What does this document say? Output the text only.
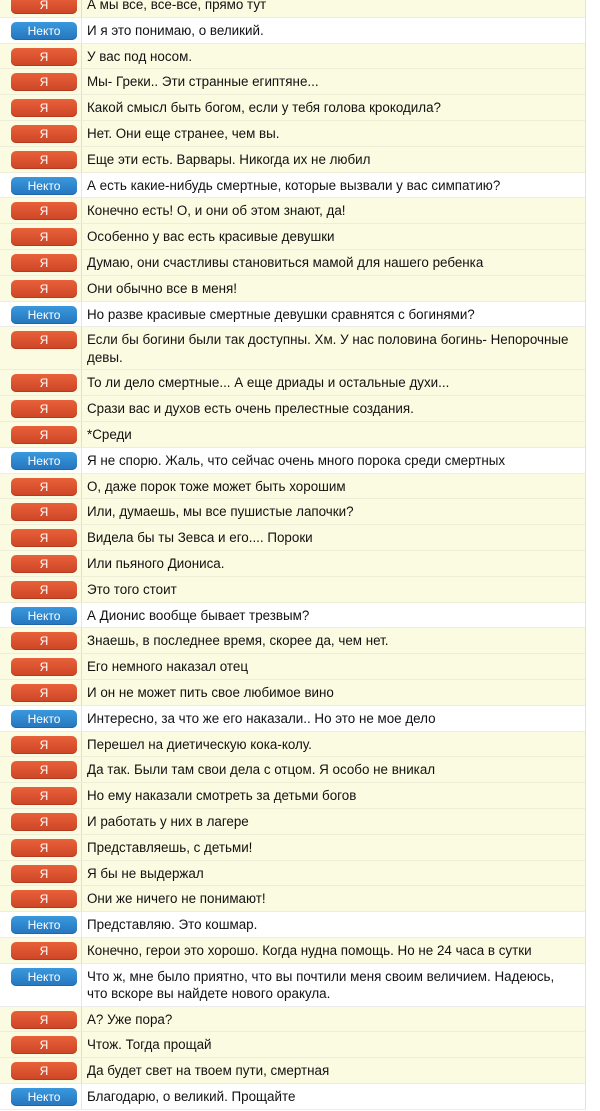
Я	А мы все, все-все, прямо тут
Некто	И я это понимаю, о великий.
Я	У вас под носом.
Я	Мы- Греки.. Эти странные египтяне...
Я	Какой смысл быть богом, если у тебя голова крокодила?
Я	Нет. Они еще странее, чем вы.
Я	Еще эти есть. Варвары. Никогда их не любил
Некто	А есть какие-нибудь смертные, которые вызвали у вас симпатию?
Я	Конечно есть! О, и они об этом знают, да!
Я	Особенно у вас есть красивые девушки
Я	Думаю, они счастливы становиться мамой для нашего ребенка
Я	Они обычно все в меня!
Некто	Но разве красивые смертные девушки сравнятся с богинями?
Я	Если бы богини были так доступны. Хм. У нас половина богинь- Непорочные девы.
Я	То ли дело смертные... А еще дриады и остальные духи...
Я	Срази вас и духов есть очень прелестные создания.
Я	*Среди
Некто	Я не спорю. Жаль, что сейчас очень много порока среди смертных
Я	О, даже порок тоже может быть хорошим
Я	Или, думаешь, мы все пушистые лапочки?
Я	Видела бы ты Зевса и его.... Пороки
Я	Или пьяного Диониса.
Я	Это того стоит
Некто	А Дионис вообще бывает трезвым?
Я	Знаешь, в последнее время, скорее да, чем нет.
Я	Его немного наказал отец
Я	И он не может пить свое любимое вино
Некто	Интересно, за что же его наказали.. Но это не мое дело
Я	Перешел на диетическую кока-колу.
Я	Да так. Были там свои дела с отцом. Я особо не вникал
Я	Но ему наказали смотреть за детьми богов
Я	И работать у них в лагере
Я	Представляешь, с детьми!
Я	Я бы не выдержал
Я	Они же ничего не понимают!
Некто	Представляю. Это кошмар.
Я	Конечно, герои это хорошо. Когда нудна помощь. Но не 24 часа в сутки
Некто	Что ж, мне было приятно, что вы почтили меня своим величием. Надеюсь, что вскоре вы найдете нового оракула.
Я	А? Уже пора?
Я	Чтож. Тогда прощай
Я	Да будет свет на твоем пути, смертная
Некто	Благодарю, о великий. Прощайте
